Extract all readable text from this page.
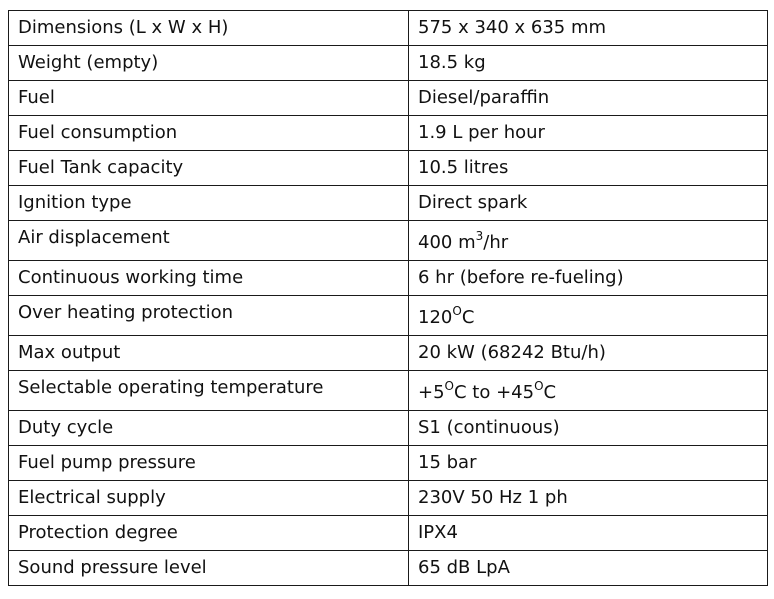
Dimensions (L x W x H)	575 x 340 x 635 mm
Weight (empty)	18.5 kg
Fuel	Diesel/paraffin
Fuel consumption	1.9 L per hour
Fuel Tank capacity	10.5 litres
Ignition type	Direct spark
Air displacement	400 $m^3/hr$
Continuous working time	6 hr (before re-fueling)
Over heating protection	$120^OC$
Max output	20 kW (68242 Btu/h)
Selectable operating temperature	$+5^OC$ to $+45^OC$
Duty cycle	S1 (continuous)
Fuel pump pressure	15 bar
Electrical supply	230V 50 Hz 1 ph
Protection degree	IPX4
Sound pressure level	65 dB LpA
